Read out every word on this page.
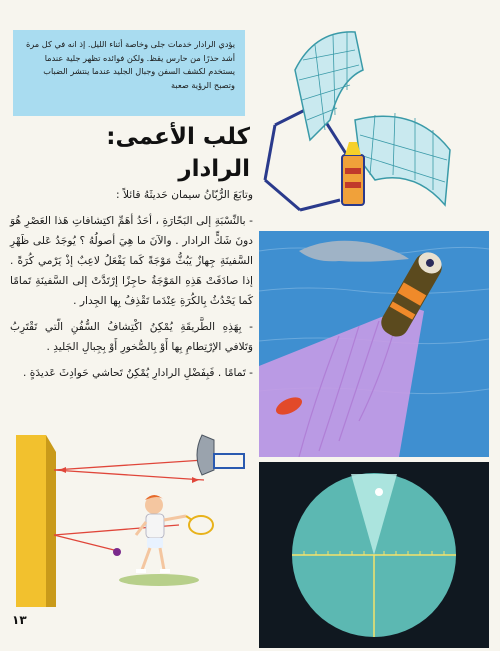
يؤدي الرادار خدمات جلى وخاصة أثناء الليل. إذ انه في كل مرة أشد حذرًا من حارس يقظ. ولكن فوائده تظهر جلية عندما يستخدم لكشف السفن وجبال الجليد عندما ينتشر الضباب وتصبح الرؤية صعبة
كلب الأعمى:
الرادار

وتابَعَ الرُّبّانُ سيمان حَديثَهُ قائلاً :

- بالنِّسْبَةِ إلى البَحّارَةِ ، أحَدُ أهَمِّ اكتِشافاتِ هَذا العَصْرِ هُوَ دونَ شَكٍّ الرادار . والآنَ ما هِيَ أصولُهُ ؟ يُوجَدُ عَلى ظَهْرِ السَّفينَةِ جِهازٌ يَبُثُّ مَوْجَةً كَما يَفْعَلُ لاعِبٌ إذْ يَرْمي كُرَةً . إذا صادَفَتْ هَذِهِ المَوْجَةُ حاجِزًا إرْتَدَّتْ إلى السَّفينَةِ تَمامًا كَما يَحْدُثُ بِالكُرَةِ عِنْدَما تَقْذِفُ بِها الجِدار .

- بِهَذِهِ الطَّريقَةِ يُمْكِنُ اكْتِشافُ السُّفُنِ الّتي تَقْتَرِبُ وَتَلافي الإرْتِطامِ بِها أَوْ بِالصُّخورِ أَوْ بِجِبالِ الجَليدِ .

- تَمامًا . فَبِفَضْلِ الرادارِ يُمْكِنُ تَحاشي حَوادِثَ عَديدَةٍ .

١٣
